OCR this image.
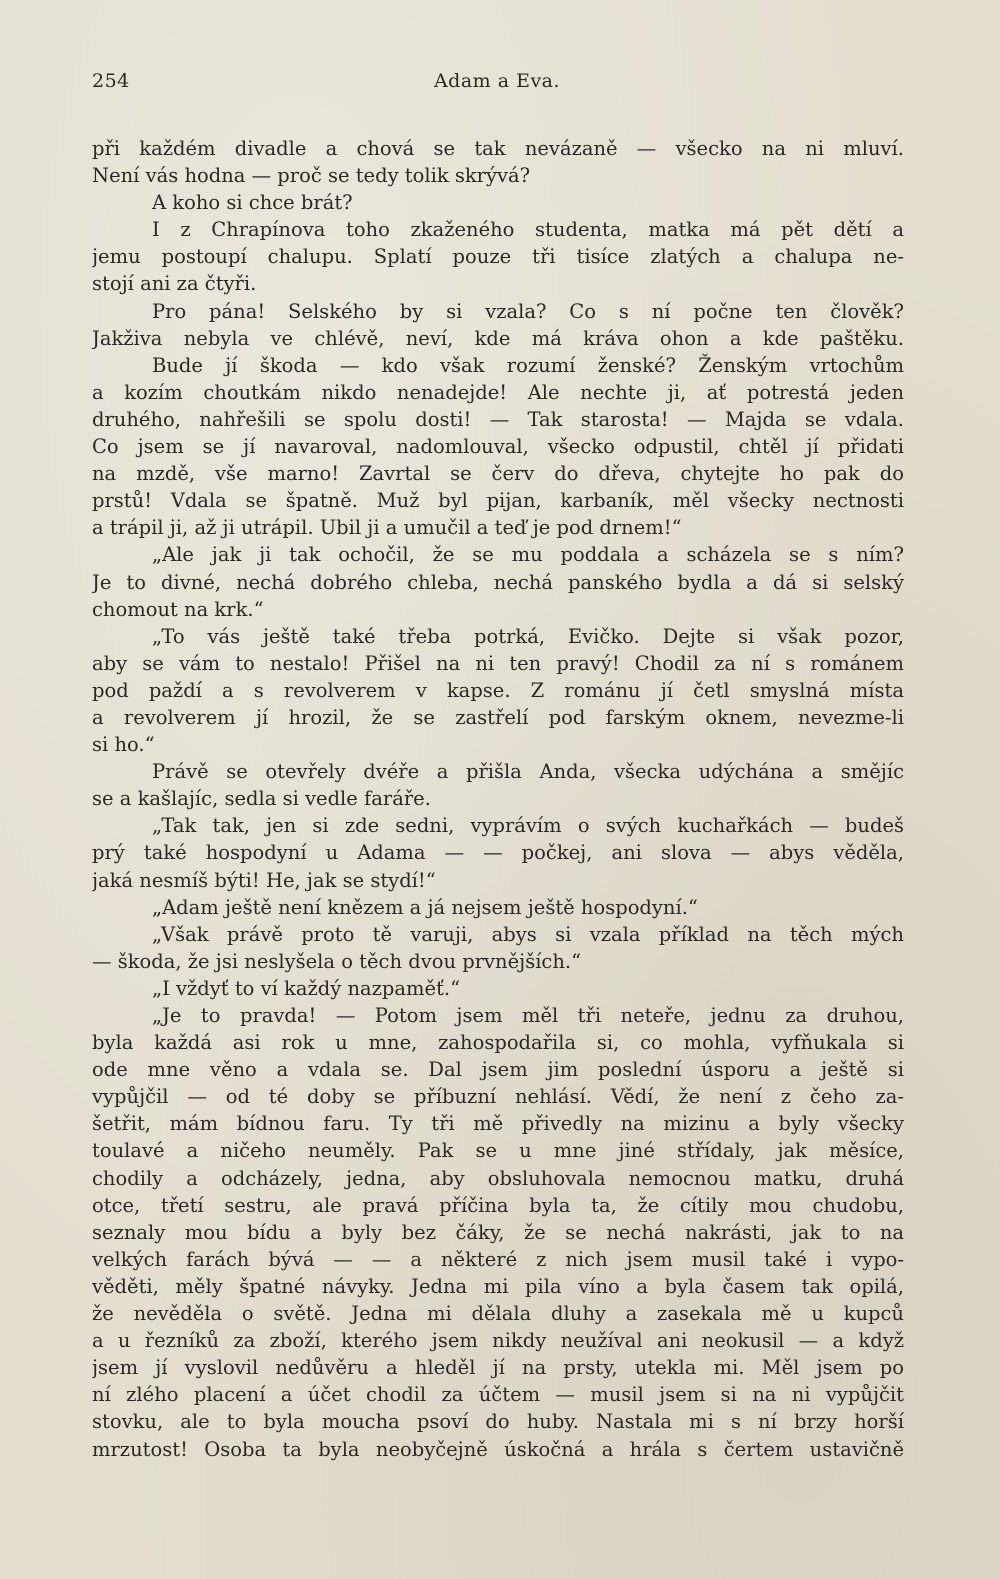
254	Adam a Eva.
při každém divadle a chová se tak nevázaně — všecko na ni mluví.
Není vás hodna — proč se tedy tolik skrývá?
A koho si chce brát?
I z Chrapínova toho zkaženého studenta, matka má pět dětí a
jemu postoupí chalupu. Splatí pouze tři tisíce zlatých a chalupa ne-
stojí ani za čtyři.
Pro pána! Selského by si vzala? Co s ní počne ten člověk?
Jakživa nebyla ve chlévě, neví, kde má kráva ohon a kde paštěku.
Bude jí škoda — kdo však rozumí ženské? Ženským vrtochům
a kozím choutkám nikdo nenadejde! Ale nechte ji, ať potrestá jeden
druhého, nahřešili se spolu dosti! — Tak starosta! — Majda se vdala.
Co jsem se jí navaroval, nadomlouval, všecko odpustil, chtěl jí přidati
na mzdě, vše marno! Zavrtal se červ do dřeva, chytejte ho pak do
prstů! Vdala se špatně. Muž byl pijan, karbaník, měl všecky nectnosti
a trápil ji, až ji utrápil. Ubil ji a umučil a teď je pod drnem!“
„Ale jak ji tak ochočil, že se mu poddala a scházela se s ním?
Je to divné, nechá dobrého chleba, nechá panského bydla a dá si selský
chomout na krk.“
„To vás ještě také třeba potrká, Evičko. Dejte si však pozor,
aby se vám to nestalo! Přišel na ni ten pravý! Chodil za ní s románem
pod paždí a s revolverem v kapse. Z románu jí četl smyslná místa
a revolverem jí hrozil, že se zastřelí pod farským oknem, nevezme-li
si ho.“
Právě se otevřely dvéře a přišla Anda, všecka udýchána a smějíc
se a kašlajíc, sedla si vedle faráře.
„Tak tak, jen si zde sedni, vyprávím o svých kuchařkách — budeš
prý také hospodyní u Adama — — počkej, ani slova — abys věděla,
jaká nesmíš býti! He, jak se stydí!“
„Adam ještě není knězem a já nejsem ještě hospodyní.“
„Však právě proto tě varuji, abys si vzala příklad na těch mých
— škoda, že jsi neslyšela o těch dvou prvnějších.“
„I vždyť to ví každý nazpaměť.“
„Je to pravda! — Potom jsem měl tři neteře, jednu za druhou,
byla každá asi rok u mne, zahospodařila si, co mohla, vyfňukala si
ode mne věno a vdala se. Dal jsem jim poslední úsporu a ještě si
vypůjčil — od té doby se příbuzní nehlásí. Vědí, že není z čeho za-
šetřit, mám bídnou faru. Ty tři mě přivedly na mizinu a byly všecky
toulavé a ničeho neuměly. Pak se u mne jiné střídaly, jak měsíce,
chodily a odcházely, jedna, aby obsluhovala nemocnou matku, druhá
otce, třetí sestru, ale pravá příčina byla ta, že cítily mou chudobu,
seznaly mou bídu a byly bez čáky, že se nechá nakrásti, jak to na
velkých farách bývá — — a některé z nich jsem musil také i vypo-
věděti, měly špatné návyky. Jedna mi pila víno a byla časem tak opilá,
že nevěděla o světě. Jedna mi dělala dluhy a zasekala mě u kupců
a u řezníků za zboží, kterého jsem nikdy neužíval ani neokusil — a když
jsem jí vyslovil nedůvěru a hleděl jí na prsty, utekla mi. Měl jsem po
ní zlého placení a účet chodil za účtem — musil jsem si na ni vypůjčit
stovku, ale to byla moucha psoví do huby. Nastala mi s ní brzy horší
mrzutost! Osoba ta byla neobyčejně úskočná a hrála s čertem ustavičně
